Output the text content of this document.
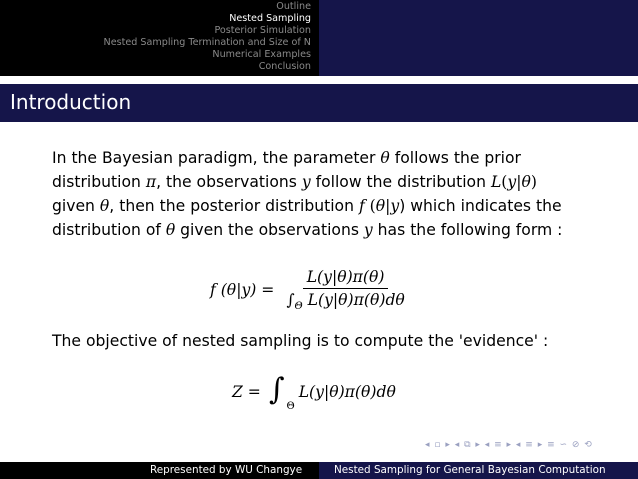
Outline
Nested Sampling
Posterior Simulation
Nested Sampling Termination and Size of N
Numerical Examples
Conclusion
Introduction

In the Bayesian paradigm, the parameter θ follows the prior
distribution π, the observations y follow the distribution L(y|θ)
given θ, then the posterior distribution f (θ|y) which indicates the
distribution of θ given the observations y has the following form :

f $(\theta|y) = \frac{L(y|\theta)\pi(\theta)}{\int_\Theta L(y|\theta)\pi(\theta)d\theta}$
The objective of nested sampling is to compute the 'evidence' :
Z = ∫ Θ
L(y|θ)π(θ)dθ
◂ ▫ ▸ ◂ ⧉ ▸ ◂ ≡ ▸ ◂ ≡ ▸ ≡ ∽ ⊘ ⟲
Represented by WU Changye	Nested Sampling for General Bayesian Computation
